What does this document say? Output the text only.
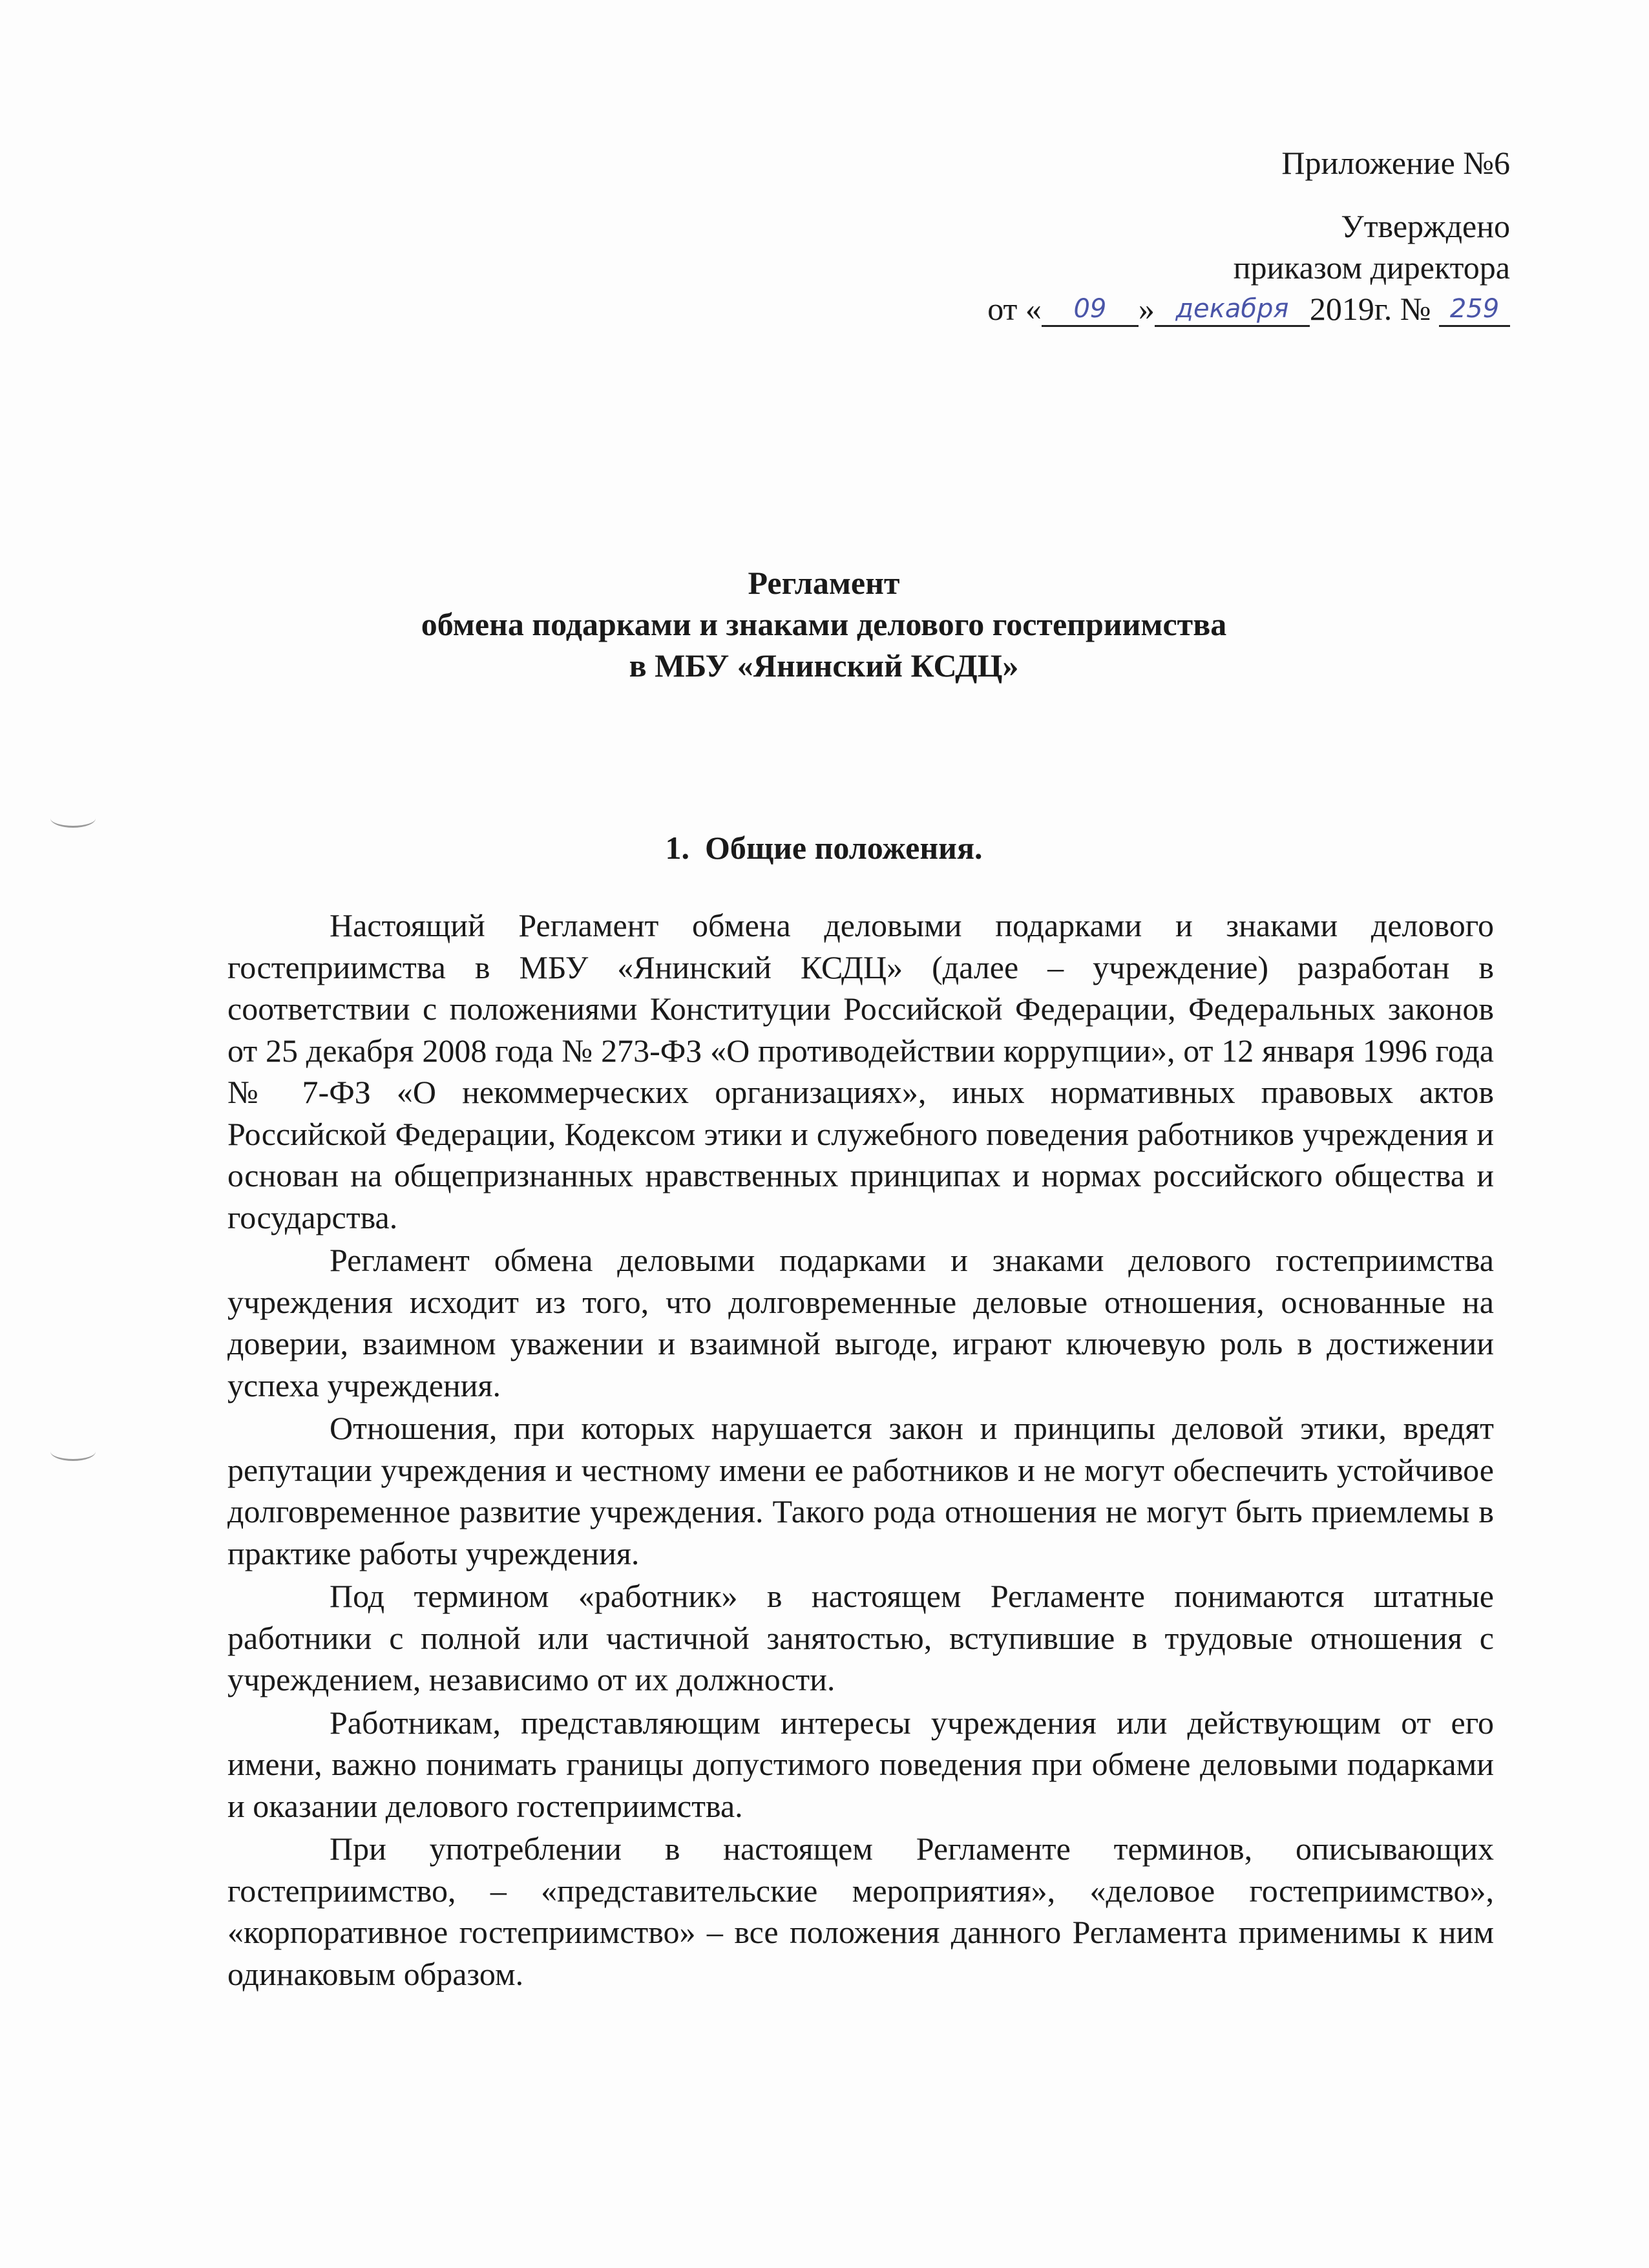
Приложение №6
Утверждено
приказом директора
от « 09 » декабря 2019г. № 259
Регламент
обмена подарками и знаками делового гостеприимства
в МБУ «Янинский КСДЦ»
1. Общие положения.

Настоящий Регламент обмена деловыми подарками и знаками делового гостеприимства в МБУ «Янинский КСДЦ» (далее – учреждение) разработан в соответствии с положениями Конституции Российской Федерации, Федеральных законов от 25 декабря 2008 года № 273-ФЗ «О противодействии коррупции», от 12 января 1996 года № 7-ФЗ «О некоммерческих организациях», иных нормативных правовых актов Российской Федерации, Кодексом этики и служебного поведения работников учреждения и основан на общепризнанных нравственных принципах и нормах российского общества и государства.

Регламент обмена деловыми подарками и знаками делового гостеприимства учреждения исходит из того, что долговременные деловые отношения, основанные на доверии, взаимном уважении и взаимной выгоде, играют ключевую роль в достижении успеха учреждения.

Отношения, при которых нарушается закон и принципы деловой этики, вредят репутации учреждения и честному имени ее работников и не могут обеспечить устойчивое долговременное развитие учреждения. Такого рода отношения не могут быть приемлемы в практике работы учреждения.

Под термином «работник» в настоящем Регламенте понимаются штатные работники с полной или частичной занятостью, вступившие в трудовые отношения с учреждением, независимо от их должности.

Работникам, представляющим интересы учреждения или действующим от его имени, важно понимать границы допустимого поведения при обмене деловыми подарками и оказании делового гостеприимства.

При употреблении в настоящем Регламенте терминов, описывающих гостеприимство, – «представительские мероприятия», «деловое гостеприимство», «корпоративное гостеприимство» – все положения данного Регламента применимы к ним одинаковым образом.
